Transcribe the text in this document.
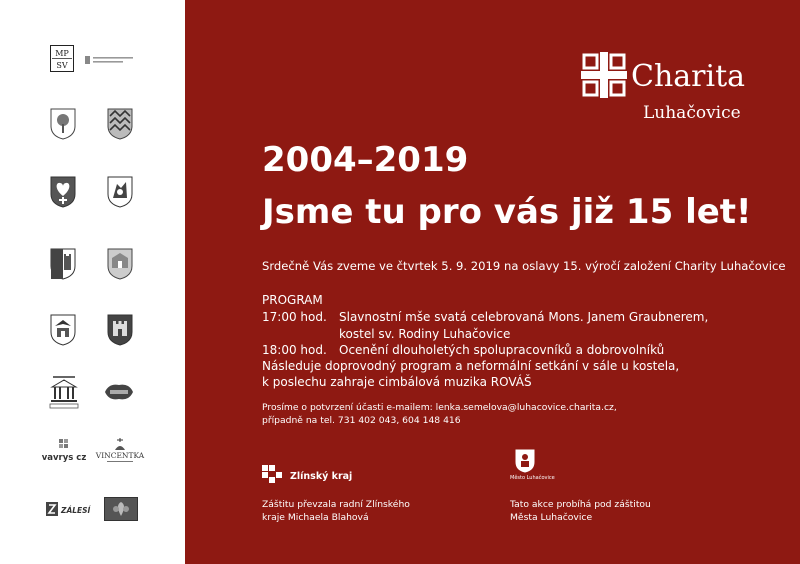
MP
SV
vavrys cz VINCENTKA
ZÁLESÍ
Charita
Luhačovice
2004–2019
Jsme tu pro vás již 15 let!
Srdečně Vás zveme ve čtvrtek 5. 9. 2019 na oslavy 15. výročí založení Charity Luhačovice
PROGRAM
17:00 hod.	Slavnostní mše svatá celebrovaná Mons. Janem Graubnerem,
kostel sv. Rodiny Luhačovice
18:00 hod.	Ocenění dlouholetých spolupracovníků a dobrovolníků
Následuje doprovodný program a neformální setkání v sále u kostela,
k poslechu zahraje cimbálová muzika ROVÁŠ
Prosíme o potvrzení účasti e-mailem: lenka.semelova@luhacovice.charita.cz,
případně na tel. 731 402 043, 604 148 416
Zlínský kraj
Záštitu převzala radní Zlínského
kraje Michaela Blahová
Město Luhačovice
Tato akce probíhá pod záštitou
Města Luhačovice
